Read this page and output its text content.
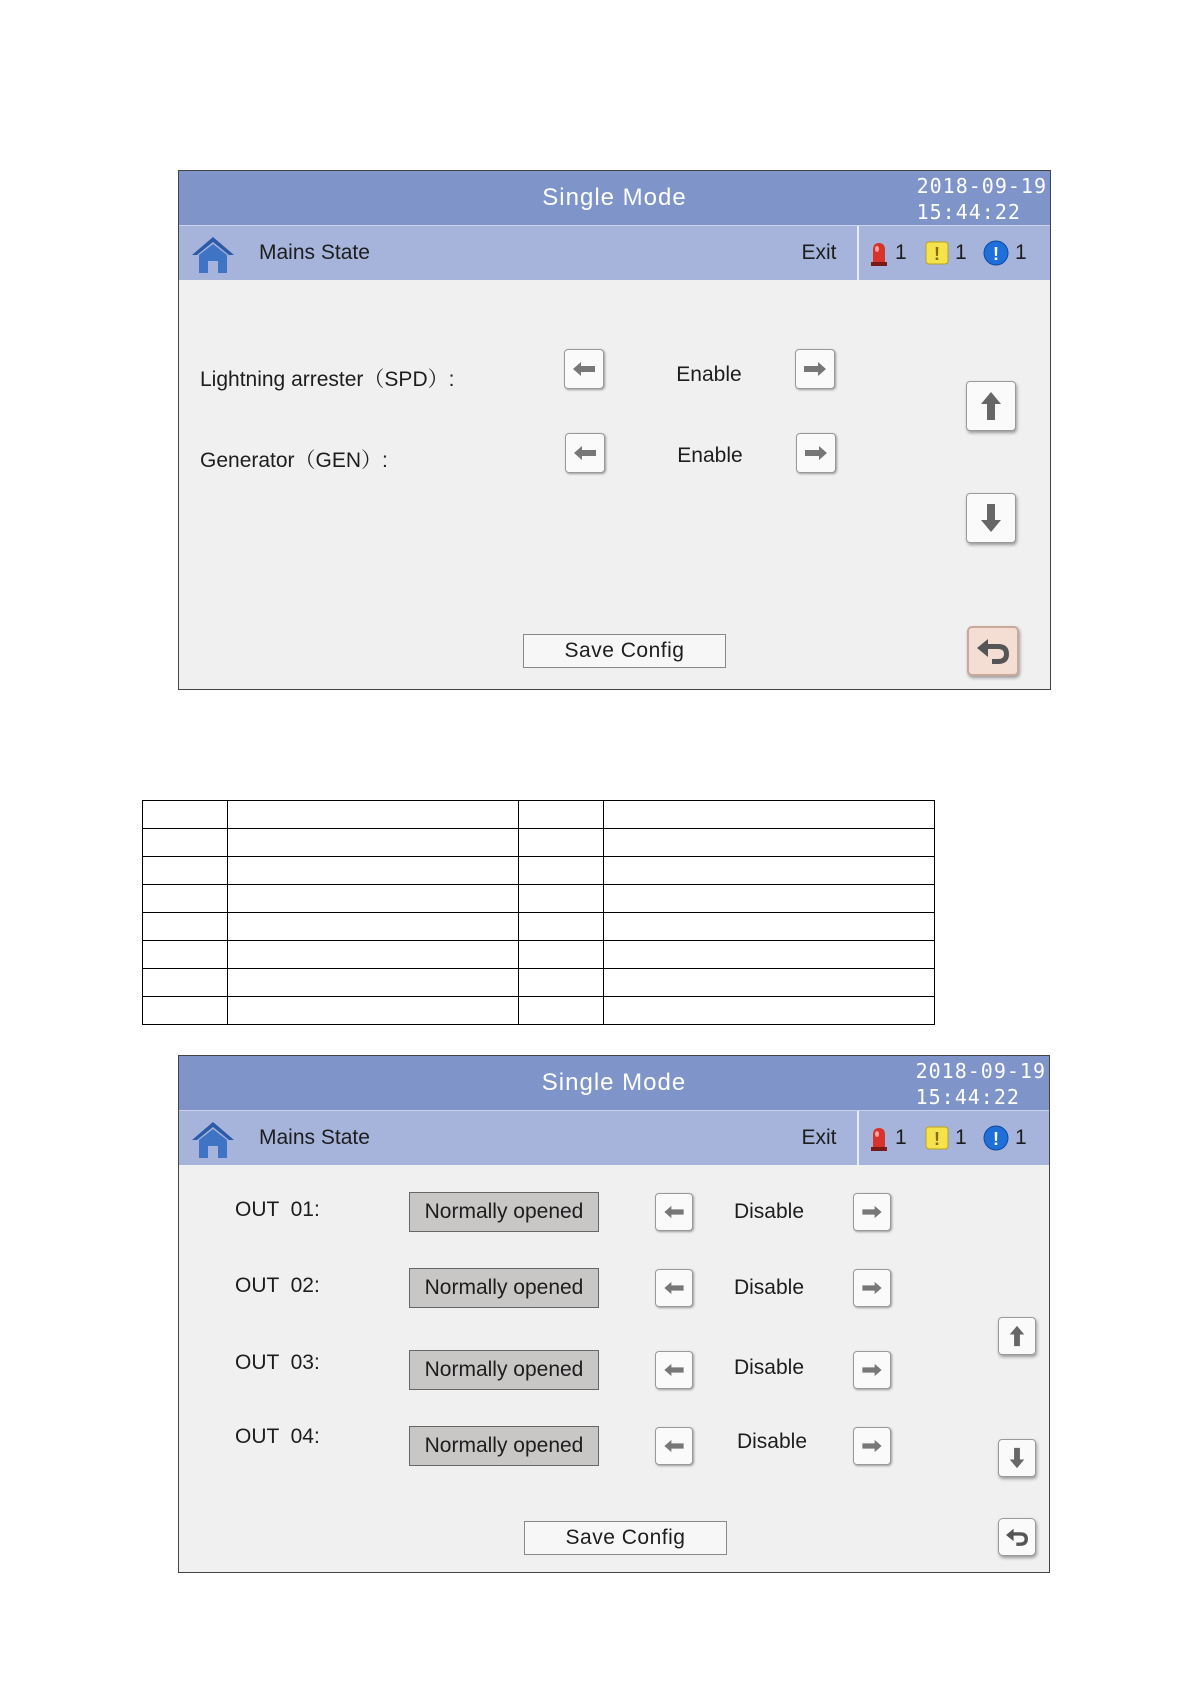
Single Mode	2018-09-19
15:44:22
Mains State	Exit	1 ! 1 ! 1
Lightning arrester（SPD）:	Enable
Generator（GEN）:	Enable
Save Config

Single Mode	2018-09-19
15:44:22
Mains State	Exit	1 ! 1 ! 1
OUT  01:	Normally opened	Disable
OUT  02:	Normally opened	Disable
OUT  03:	Normally opened	Disable
OUT  04:	Normally opened	Disable
Save Config
